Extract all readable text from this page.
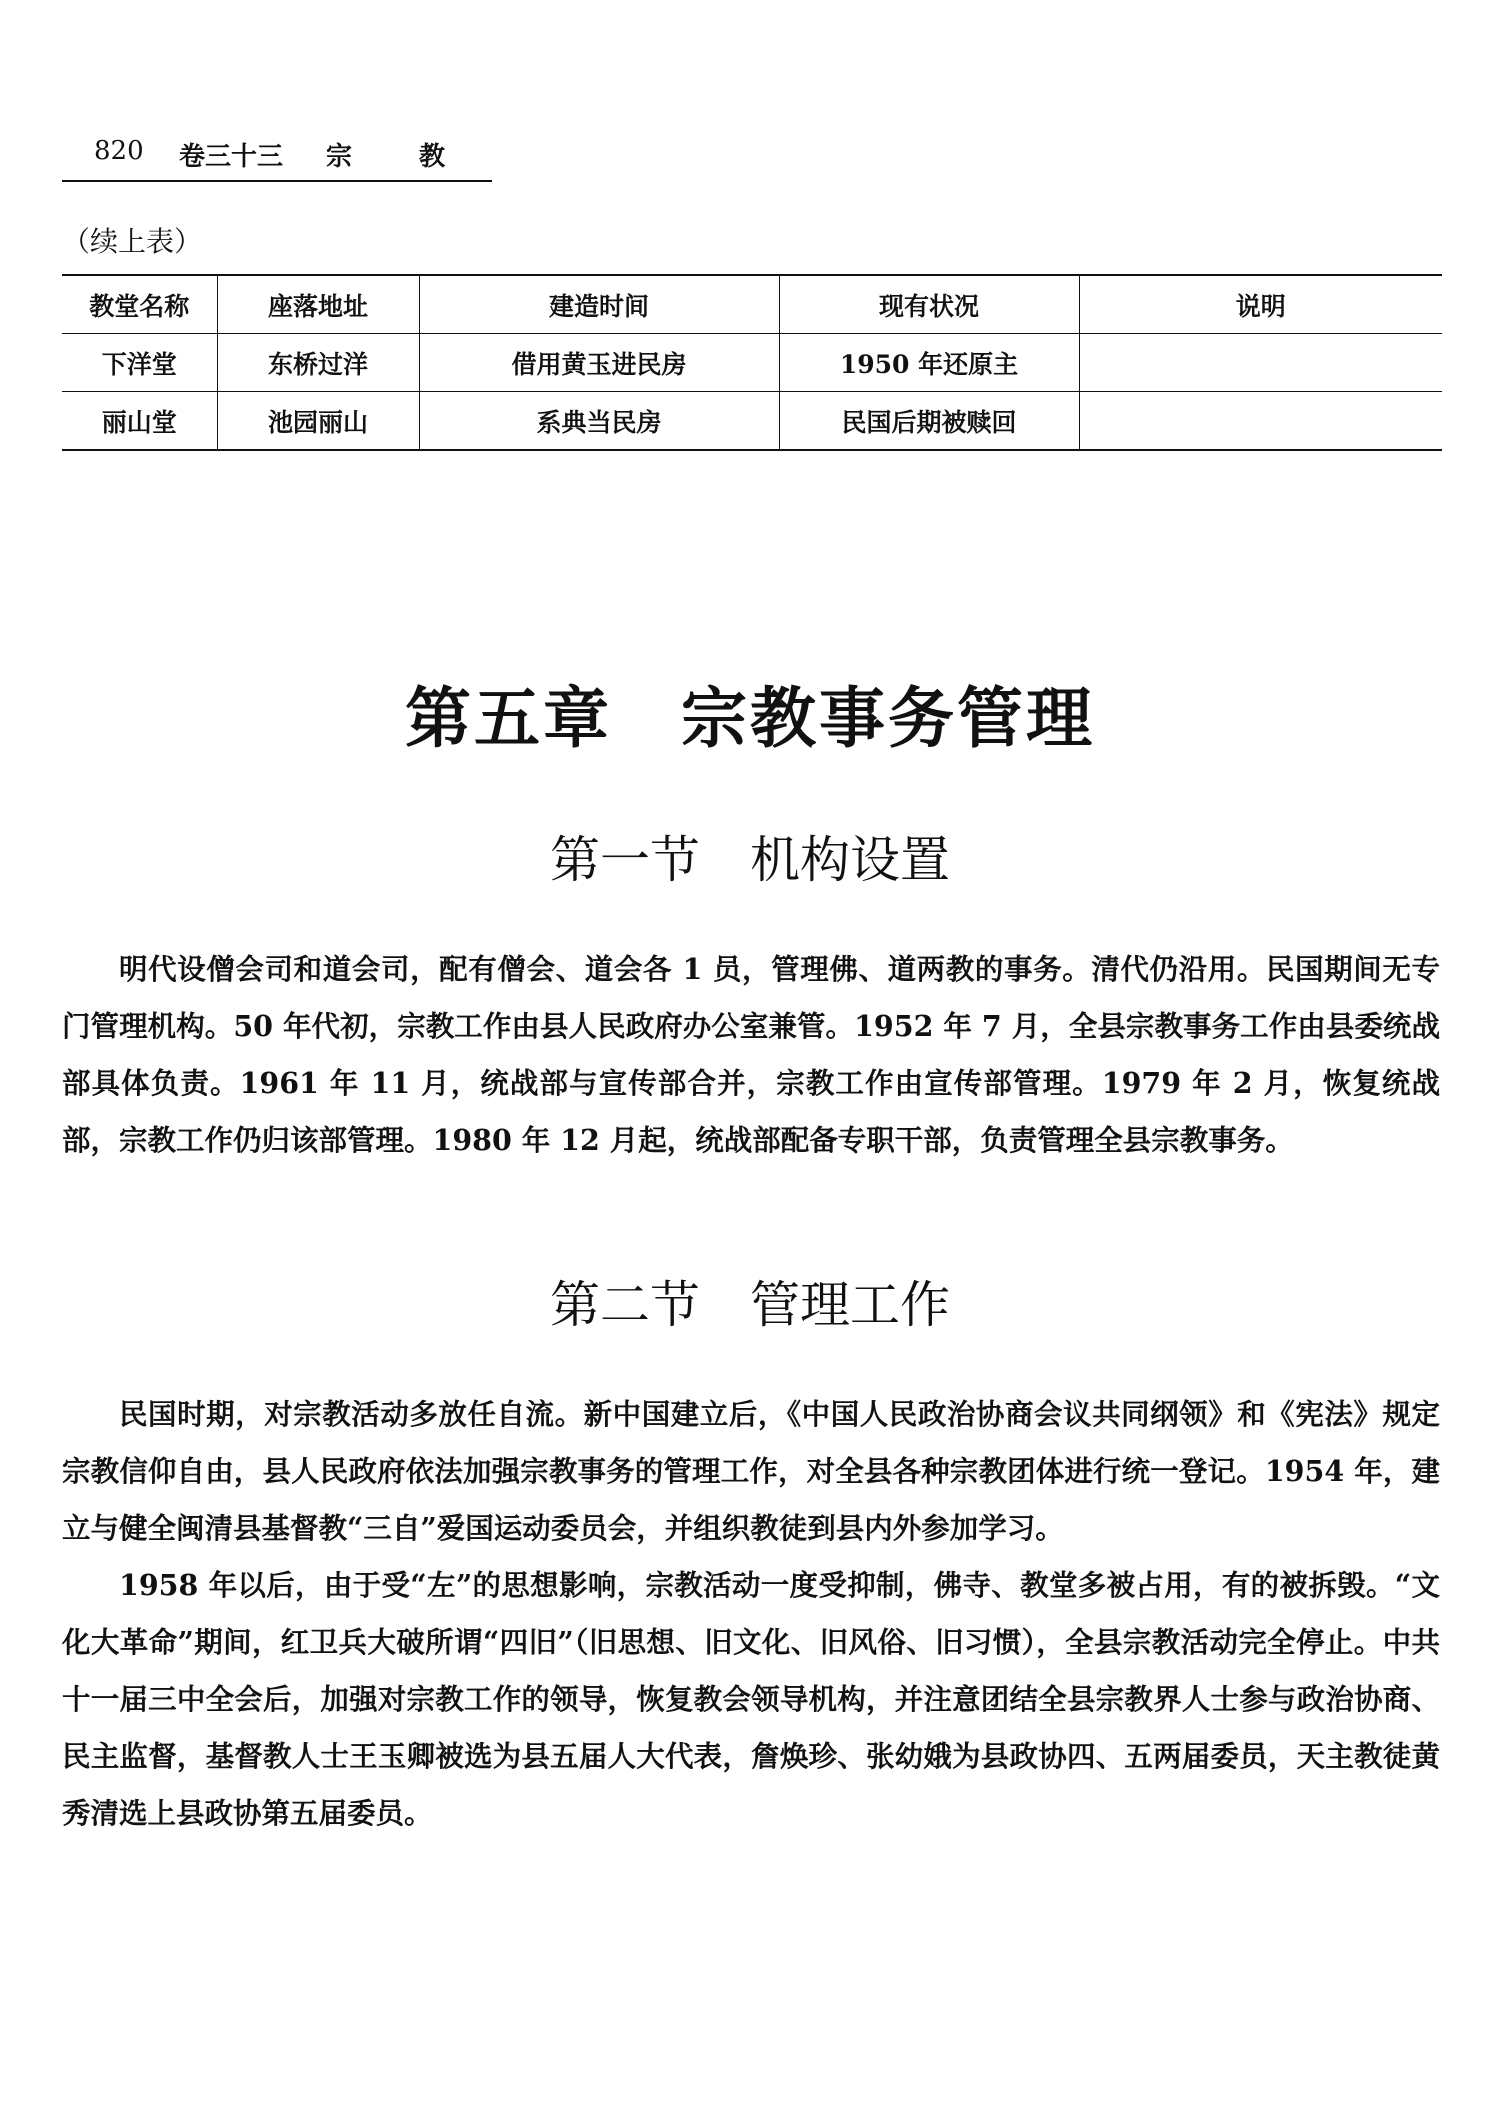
820 卷三十三 宗	教
（续上表）
教堂名称	座落地址	建造时间	现有状况	说明
下洋堂	东桥过洋	借用黄玉进民房	1950 年还原主	
丽山堂	池园丽山	系典当民房	民国后期被赎回	
第五章　宗教事务管理
第一节　机构设置

明代设僧会司和道会司，配有僧会、道会各 1 员，管理佛、道两教的事务。清代仍沿用。民国期间无专门管理机构。50 年代初，宗教工作由县人民政府办公室兼管。1952 年 7 月，全县宗教事务工作由县委统战部具体负责。1961 年 11 月，统战部与宣传部合并，宗教工作由宣传部管理。1979 年 2 月，恢复统战部，宗教工作仍归该部管理。1980 年 12 月起，统战部配备专职干部，负责管理全县宗教事务。

第二节　管理工作

民国时期，对宗教活动多放任自流。新中国建立后，《中国人民政治协商会议共同纲领》和《宪法》规定宗教信仰自由，县人民政府依法加强宗教事务的管理工作，对全县各种宗教团体进行统一登记。1954 年，建立与健全闽清县基督教“三自”爱国运动委员会，并组织教徒到县内外参加学习。

1958 年以后，由于受“左”的思想影响，宗教活动一度受抑制，佛寺、教堂多被占用，有的被拆毁。“文化大革命”期间，红卫兵大破所谓“四旧”（旧思想、旧文化、旧风俗、旧习惯），全县宗教活动完全停止。中共十一届三中全会后，加强对宗教工作的领导，恢复教会领导机构，并注意团结全县宗教界人士参与政治协商、民主监督，基督教人士王玉卿被选为县五届人大代表，詹焕珍、张幼娥为县政协四、五两届委员，天主教徒黄秀清选上县政协第五届委员。
